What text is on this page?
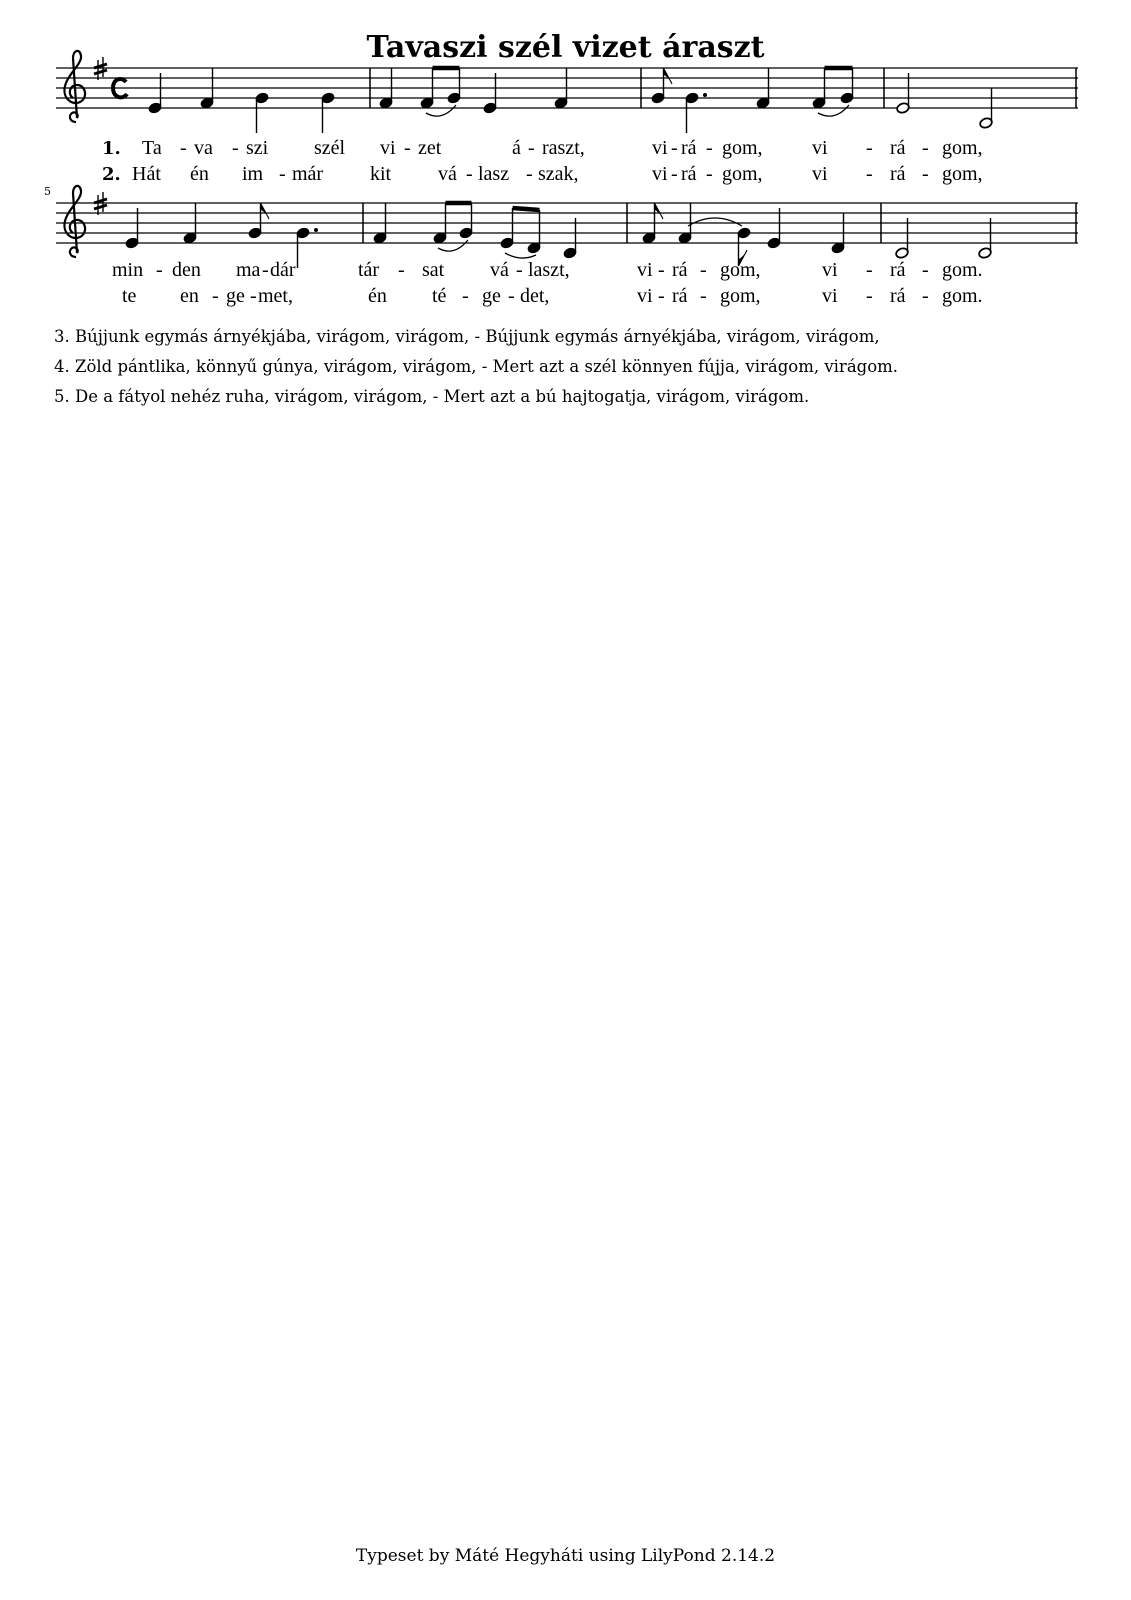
Tavaszi szél vizet áraszt
1.
2.
Ta - va - szi szél vi - zet	á - raszt,	vi - rá - gom, vi - rá - gom,
Hát én im - már kit vá - lasz - szak,	vi - rá - gom, vi - rá - gom,
5
min - den ma - dár	tár - sat vá - laszt,	vi - rá - gom,	vi - rá - gom.
te en - ge - met,	én té - ge - det,	vi - rá - gom,	vi - rá - gom.
3. Bújjunk egymás árnyékjába, virágom, virágom, - Bújjunk egymás árnyékjába, virágom, virágom,
4. Zöld pántlika, könnyű gúnya, virágom, virágom, - Mert azt a szél könnyen fújja, virágom, virágom.
5. De a fátyol nehéz ruha, virágom, virágom, - Mert azt a bú hajtogatja, virágom, virágom.
Typeset by Máté Hegyháti using LilyPond 2.14.2
